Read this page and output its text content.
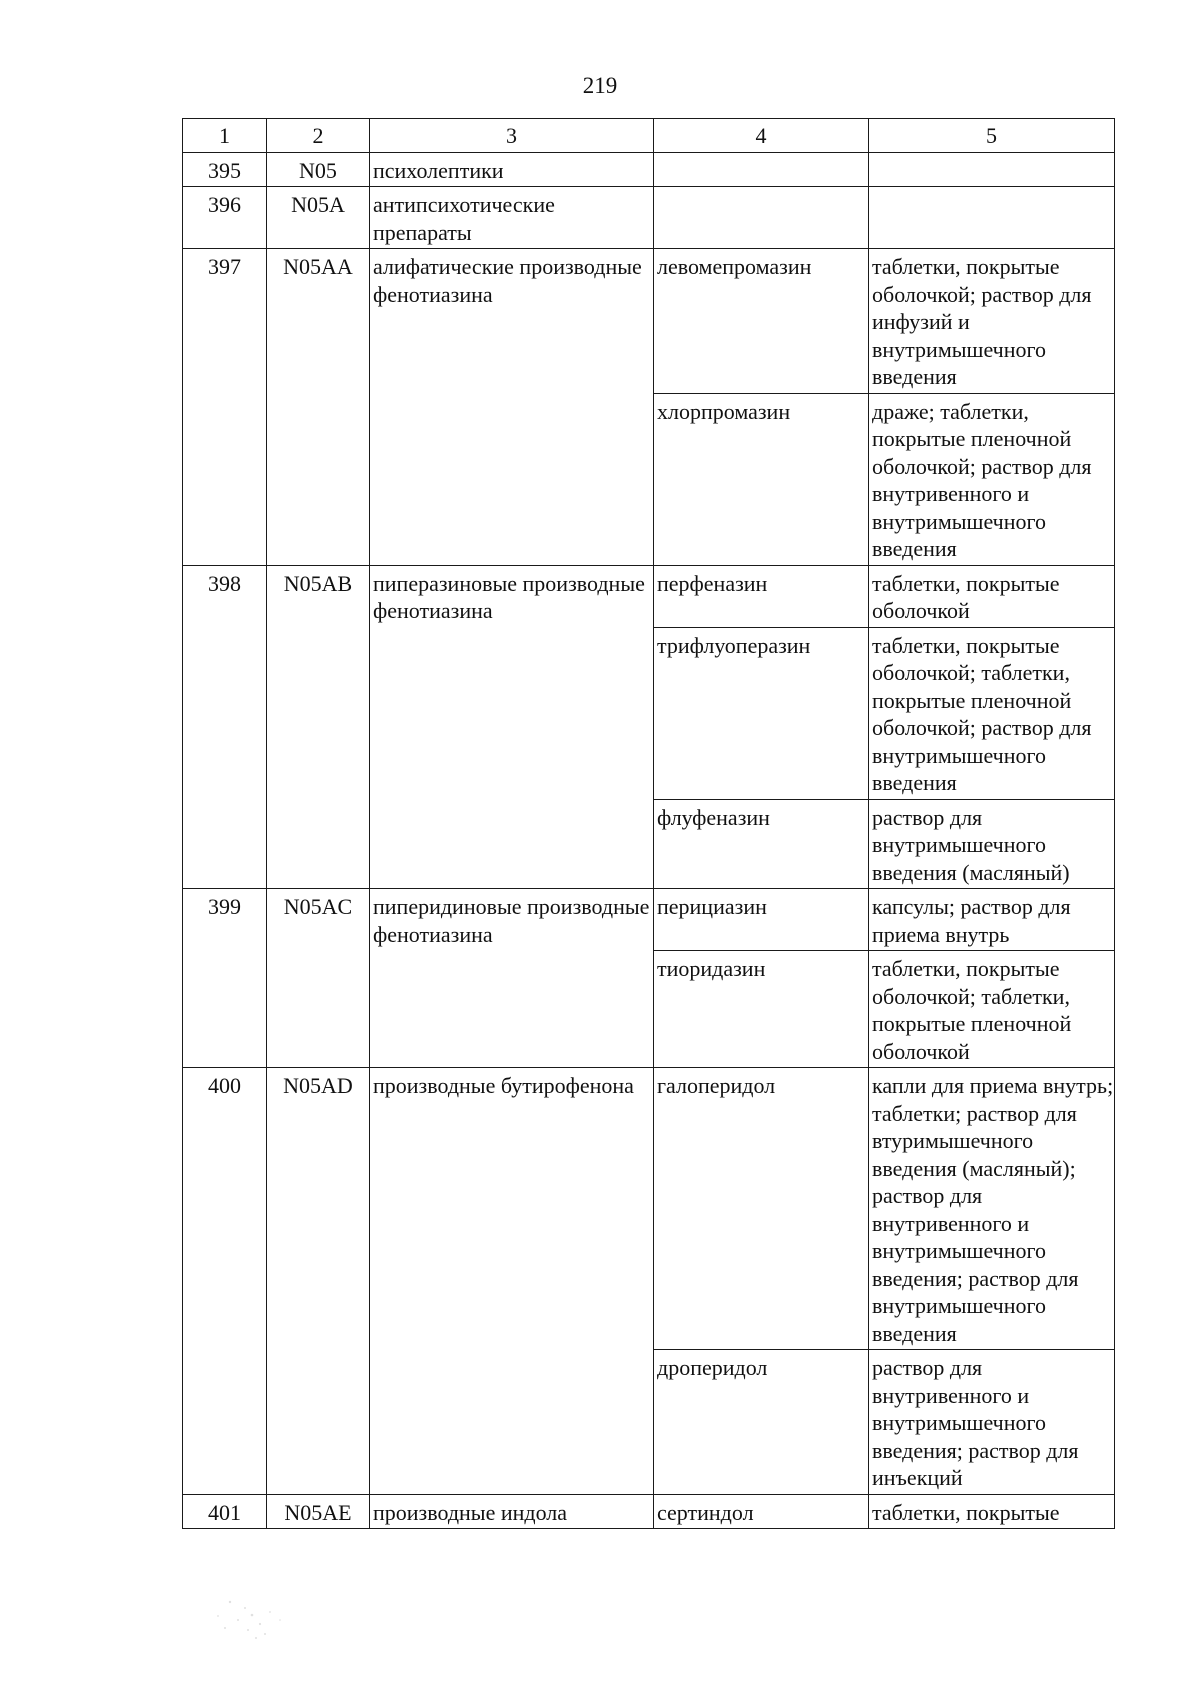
219
1	2	3	4	5
395	N05	психолептики		
396	N05A	антипсихотические препараты		
397	N05AA	алифатические производные фенотиазина	левомепромазин	таблетки, покрытые оболочкой; раствор для инфузий и внутримышечного введения
			хлорпромазин	драже; таблетки, покрытые пленочной оболочкой; раствор для внутривенного и внутримышечного введения
398	N05AB	пиперазиновые производные фенотиазина	перфеназин	таблетки, покрытые оболочкой
			трифлуоперазин	таблетки, покрытые оболочкой; таблетки, покрытые пленочной оболочкой; раствор для внутримышечного введения
			флуфеназин	раствор для внутримышечного введения (масляный)
399	N05AC	пиперидиновые производные фенотиазина	перициазин	капсулы; раствор для приема внутрь
			тиоридазин	таблетки, покрытые оболочкой; таблетки, покрытые пленочной оболочкой
400	N05AD	производные бутирофенона	галоперидол	капли для приема внутрь; таблетки; раствор для втуримышечного введения (масляный); раствор для внутривенного и внутримышечного введения; раствор для внутримышечного введения
			дроперидол	раствор для внутривенного и внутримышечного введения; раствор для инъекций
401	N05AE	производные индола	сертиндол	таблетки, покрытые
